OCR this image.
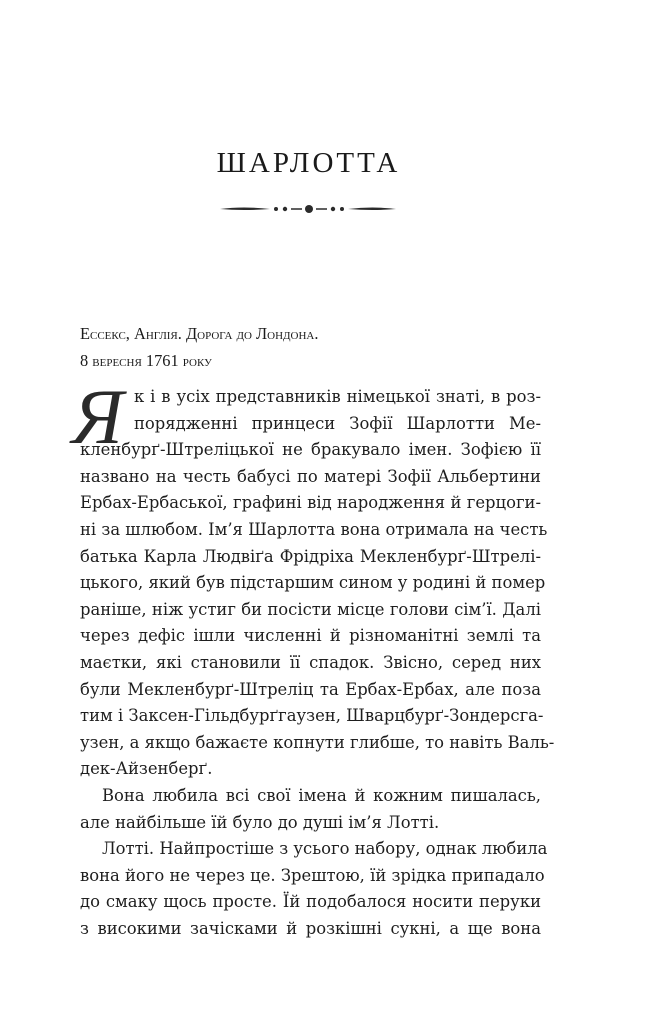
ШАРЛОТТА
Ессекс, Англія. Дорога до Лондона.
8 вересня 1761 року
Я к і в усіх представників німецької знаті, в роз-
порядженні принцеси Зофії Шарлотти Ме-
кленбурґ-Штреліцької не бракувало імен. Зофією її
названо на честь бабусі по матері Зофії Альбертини
Ербах-Ербаської, графині від народження й герцоги-
ні за шлюбом. Ім’я Шарлотта вона отримала на честь
батька Карла Людвіґа Фрідріха Мекленбурґ-Штрелі-
цького, який був підстаршим сином у родині й помер
раніше, ніж устиг би посісти місце голови сім’ї. Далі
через дефіс ішли численні й різноманітні землі та
маєтки, які становили її спадок. Звісно, серед них
були Мекленбурґ-Штреліц та Ербах-Ербах, але поза
тим і Заксен-Гільдбурґгаузен, Шварцбурґ-Зондерсга-
узен, а якщо бажаєте копнути глибше, то навіть Валь-
дек-Айзенберґ.
Вона любила всі свої імена й кожним пишалась,
але найбільше їй було до душі ім’я Лотті.
Лотті. Найпростіше з усього набору, однак любила
вона його не через це. Зрештою, їй зрідка припадало
до смаку щось просте. Їй подобалося носити перуки
з високими зачісками й розкішні сукні, а ще вона
